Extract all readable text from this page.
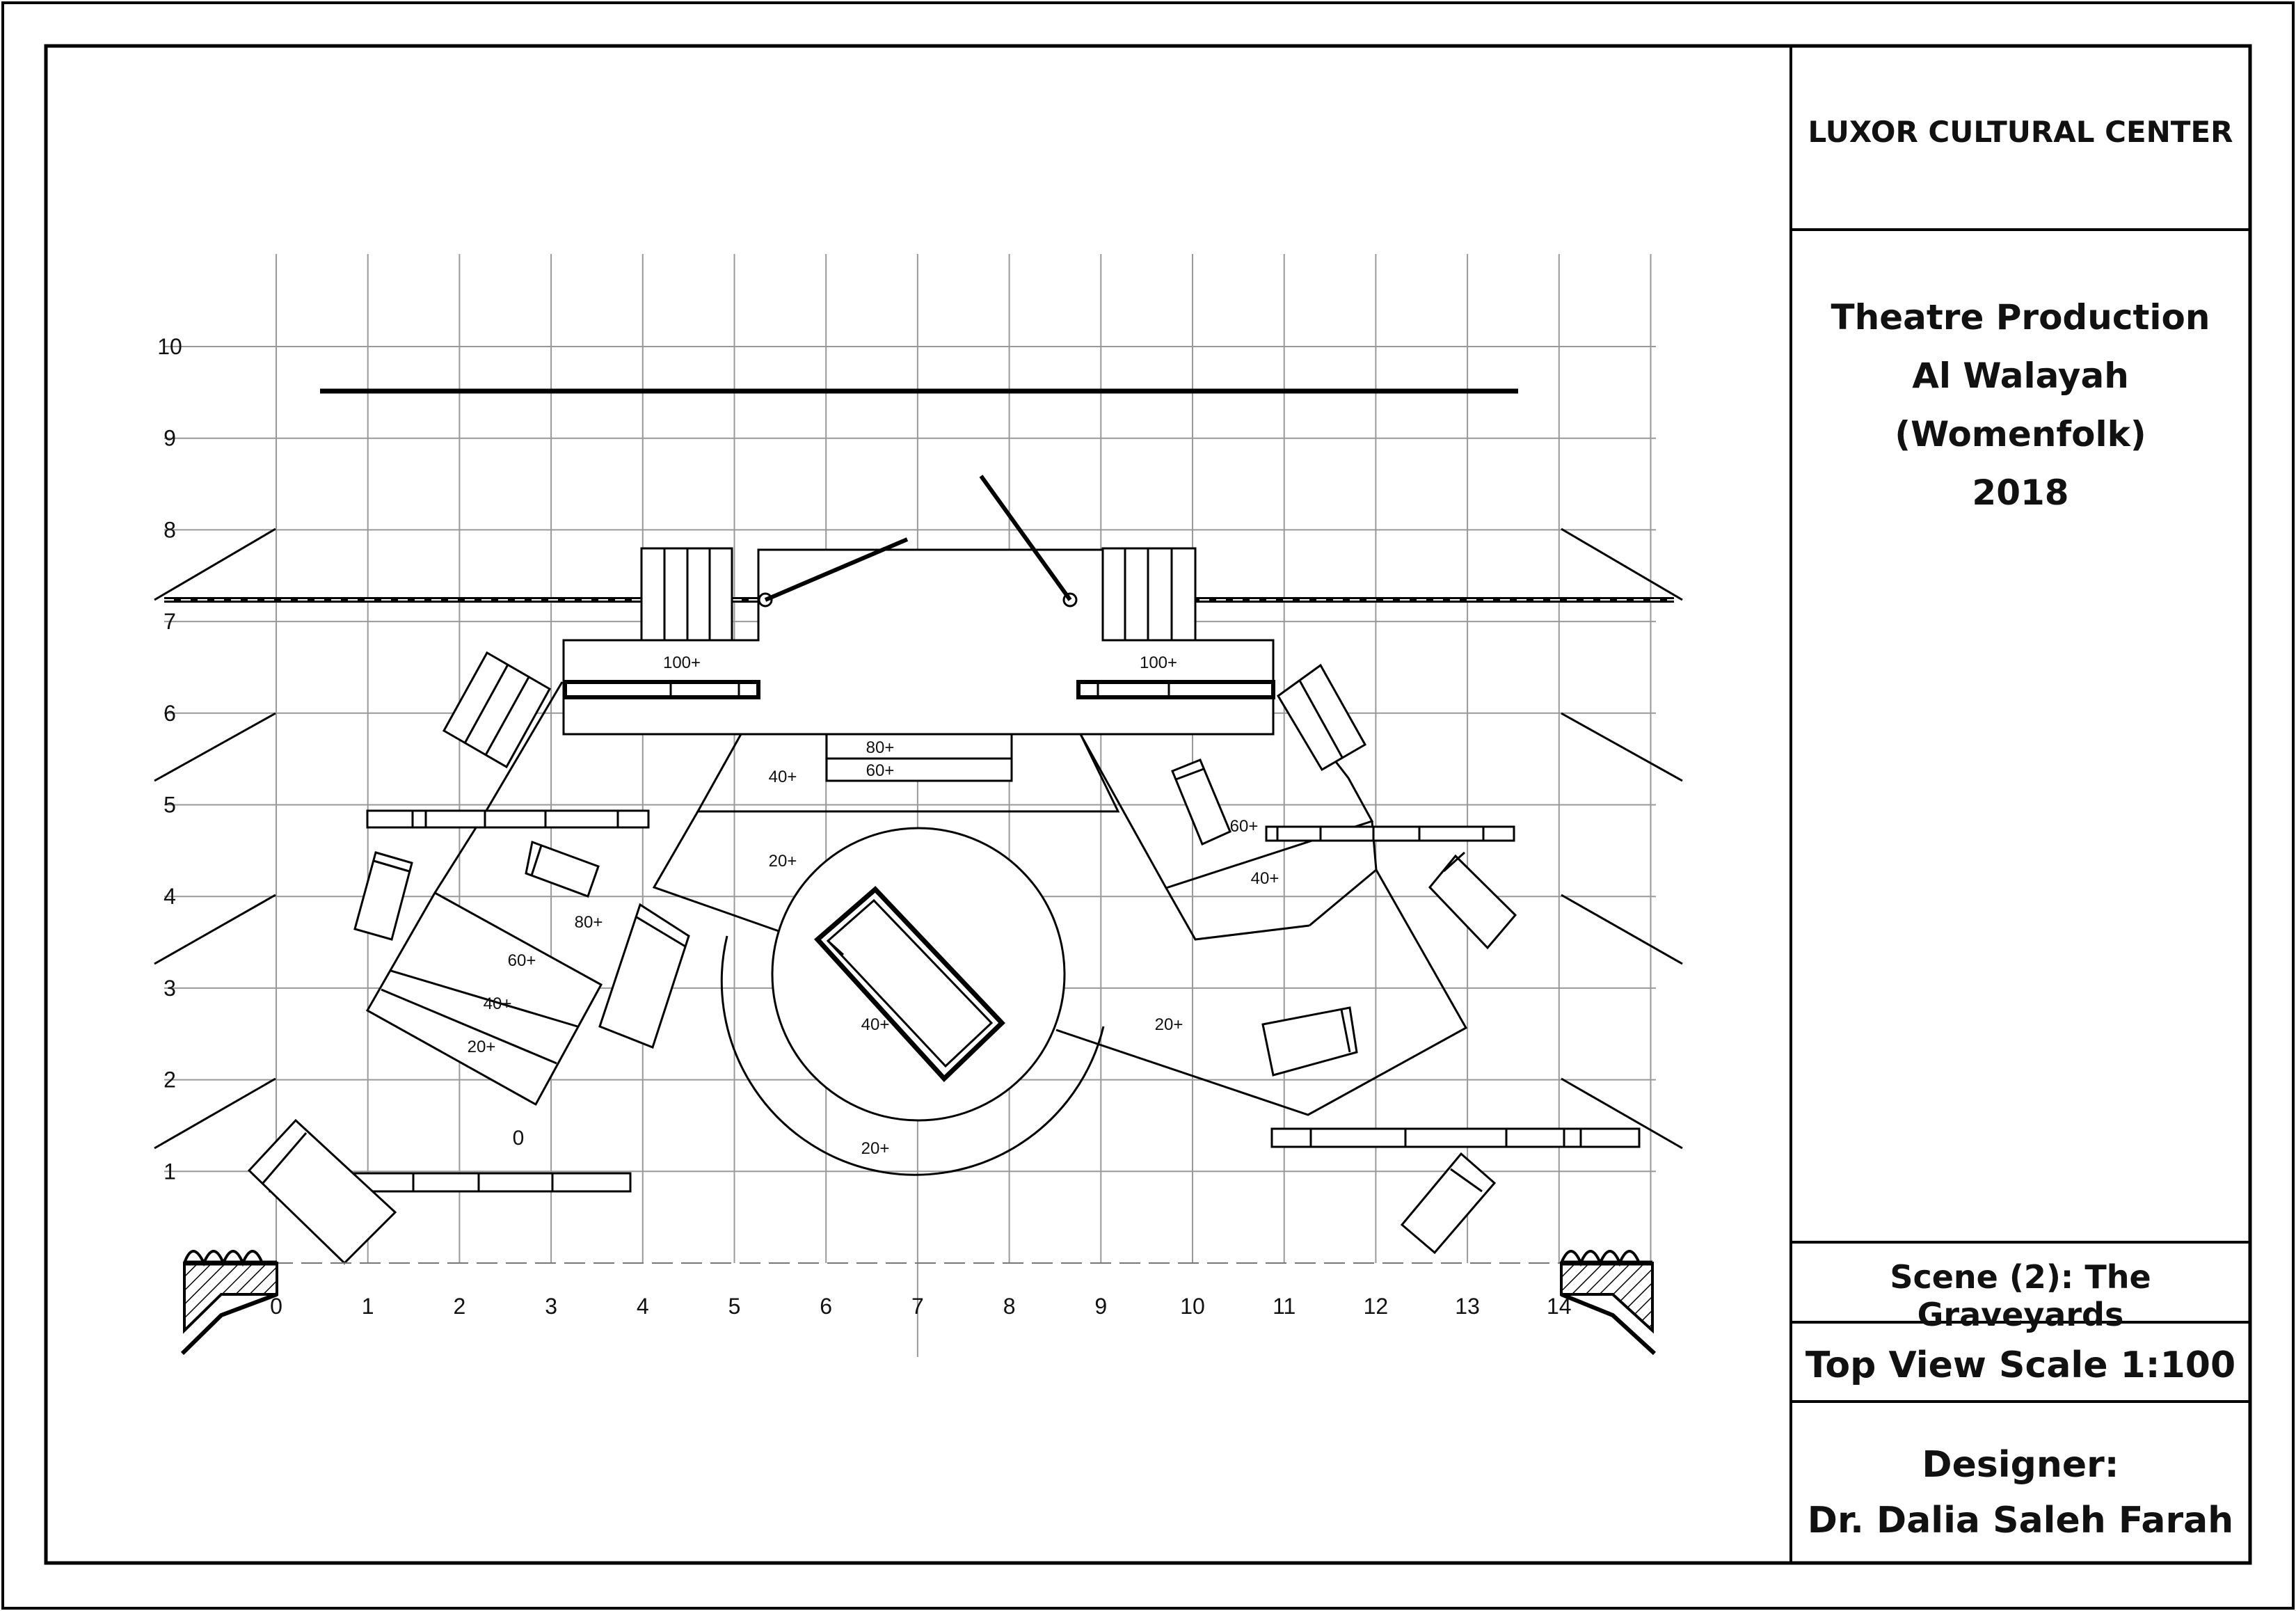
0	1	2	3	4	5	6	7	8	9	10	11	12	13	14
1
2
3
4
5
6
7
8
9
10
100+	100+
80+
60+
40+
20+
80+
60+
40+
20+
40+
20+
60+
40+
20+
0
LUXOR CULTURAL CENTER
Theatre Production
Al Walayah (Womenfolk)
2018
Scene (2): The Graveyards
Top View Scale 1:100
Designer:
Dr. Dalia Saleh Farah
